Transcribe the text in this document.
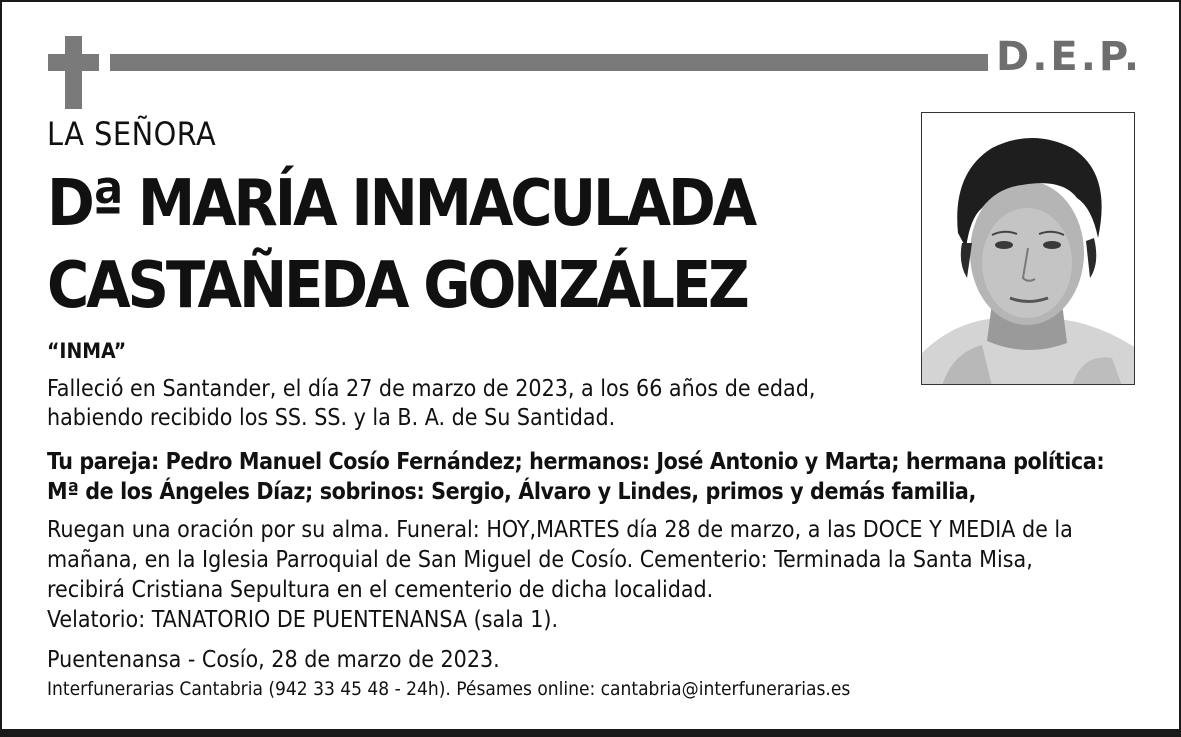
D.E.P.
LA SEÑORA
Dª MARÍA INMACULADA
CASTAÑEDA GONZÁLEZ
“INMA”
Falleció en Santander, el día 27 de marzo de 2023, a los 66 años de edad,
habiendo recibido los SS. SS. y la B. A. de Su Santidad.
Tu pareja: Pedro Manuel Cosío Fernández; hermanos: José Antonio y Marta; hermana política:
Mª de los Ángeles Díaz; sobrinos: Sergio, Álvaro y Lindes, primos y demás familia,
Ruegan una oración por su alma. Funeral: HOY,MARTES día 28 de marzo, a las DOCE Y MEDIA de la
mañana, en la Iglesia Parroquial de San Miguel de Cosío. Cementerio: Terminada la Santa Misa,
recibirá Cristiana Sepultura en el cementerio de dicha localidad.
Velatorio: TANATORIO DE PUENTENANSA (sala 1).
Puentenansa - Cosío, 28 de marzo de 2023.
Interfunerarias Cantabria (942 33 45 48 - 24h). Pésames online: cantabria@interfunerarias.es
